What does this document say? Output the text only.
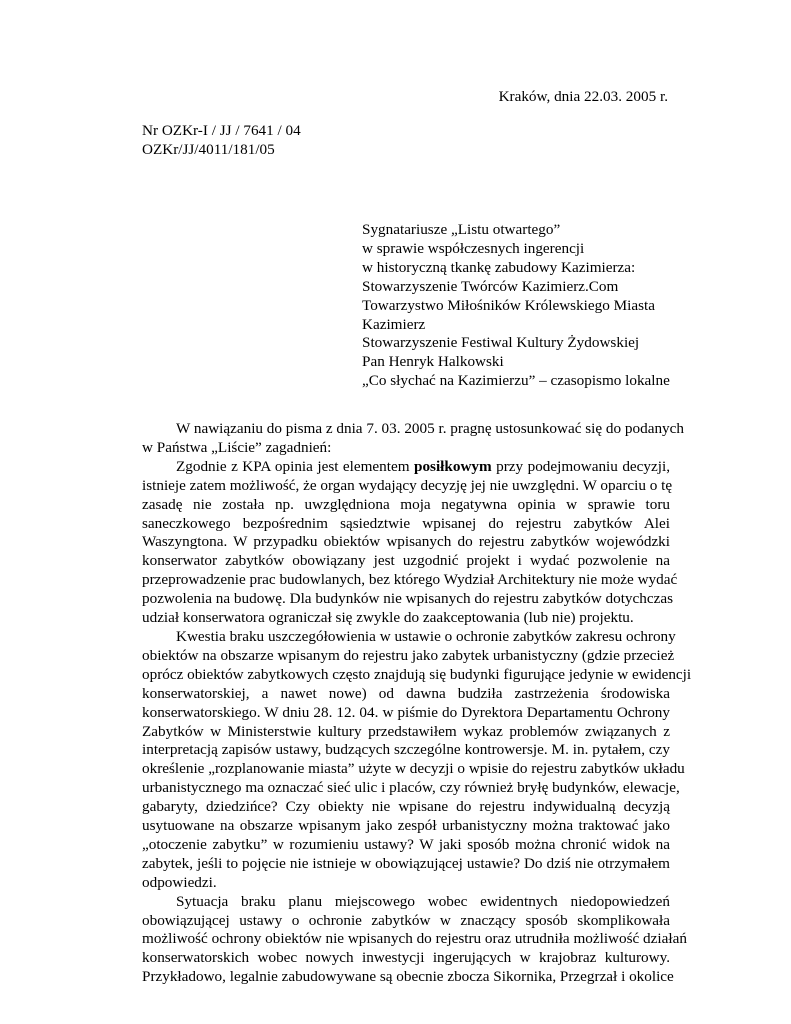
Kraków, dnia 22.03. 2005 r.
Nr OZKr-I / JJ / 7641 / 04
OZKr/JJ/4011/181/05
Sygnatariusze „Listu otwartego”
w sprawie współczesnych ingerencji
w historyczną tkankę zabudowy Kazimierza:
Stowarzyszenie Twórców Kazimierz.Com
Towarzystwo Miłośników Królewskiego Miasta
Kazimierz
Stowarzyszenie Festiwal Kultury Żydowskiej
Pan Henryk Halkowski
„Co słychać na Kazimierzu” – czasopismo lokalne
W nawiązaniu do pisma z dnia 7. 03. 2005 r. pragnę ustosunkować się do podanych
w Państwa „Liście” zagadnień:
Zgodnie z KPA opinia jest elementem posiłkowym przy podejmowaniu decyzji,
istnieje zatem możliwość, że organ wydający decyzję jej nie uwzględni. W oparciu o tę
zasadę nie została np. uwzględniona moja negatywna opinia w sprawie toru
saneczkowego bezpośrednim sąsiedztwie wpisanej do rejestru zabytków Alei
Waszyngtona. W przypadku obiektów wpisanych do rejestru zabytków wojewódzki
konserwator zabytków obowiązany jest uzgodnić projekt i wydać pozwolenie na
przeprowadzenie prac budowlanych, bez którego Wydział Architektury nie może wydać
pozwolenia na budowę. Dla budynków nie wpisanych do rejestru zabytków dotychczas
udział konserwatora ograniczał się zwykle do zaakceptowania (lub nie) projektu.
Kwestia braku uszczegółowienia w ustawie o ochronie zabytków zakresu ochrony
obiektów na obszarze wpisanym do rejestru jako zabytek urbanistyczny (gdzie przecież
oprócz obiektów zabytkowych często znajdują się budynki figurujące jedynie w ewidencji
konserwatorskiej, a nawet nowe) od dawna budziła zastrzeżenia środowiska
konserwatorskiego. W dniu 28. 12. 04. w piśmie do Dyrektora Departamentu Ochrony
Zabytków w Ministerstwie kultury przedstawiłem wykaz problemów związanych z
interpretacją zapisów ustawy, budzących szczególne kontrowersje. M. in. pytałem, czy
określenie „rozplanowanie miasta” użyte w decyzji o wpisie do rejestru zabytków układu
urbanistycznego ma oznaczać sieć ulic i placów, czy również bryłę budynków, elewacje,
gabaryty, dziedzińce? Czy obiekty nie wpisane do rejestru indywidualną decyzją
usytuowane na obszarze wpisanym jako zespół urbanistyczny można traktować jako
„otoczenie zabytku” w rozumieniu ustawy? W jaki sposób można chronić widok na
zabytek, jeśli to pojęcie nie istnieje w obowiązującej ustawie? Do dziś nie otrzymałem
odpowiedzi.
Sytuacja braku planu miejscowego wobec ewidentnych niedopowiedzeń
obowiązującej ustawy o ochronie zabytków w znaczący sposób skomplikowała
możliwość ochrony obiektów nie wpisanych do rejestru oraz utrudniła możliwość działań
konserwatorskich wobec nowych inwestycji ingerujących w krajobraz kulturowy.
Przykładowo, legalnie zabudowywane są obecnie zbocza Sikornika, Przegrzał i okolice
